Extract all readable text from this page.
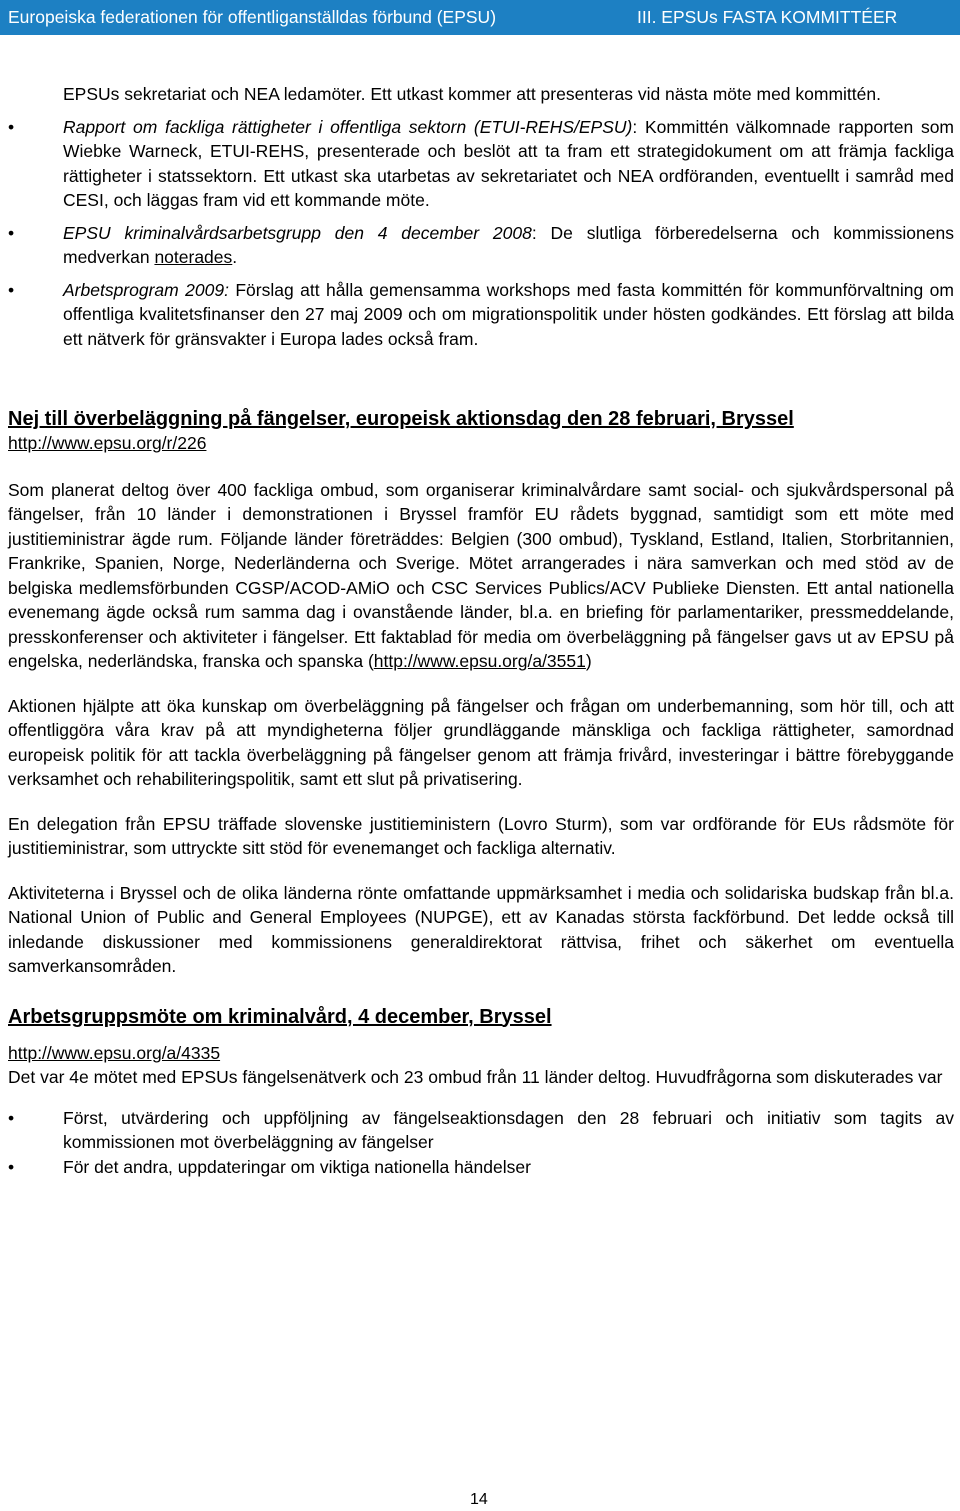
Europeiska federationen för offentliganställdas förbund (EPSU)	III. EPSUs FASTA KOMMITTÉER

EPSUs sekretariat och NEA ledamöter. Ett utkast kommer att presenteras vid nästa möte med kommittén.

•	Rapport om fackliga rättigheter i offentliga sektorn (ETUI-REHS/EPSU): Kommittén välkomnade rapporten som Wiebke Warneck, ETUI-REHS, presenterade och beslöt att ta fram ett strategidokument om att främja fackliga rättigheter i statssektorn. Ett utkast ska utarbetas av sekretariatet och NEA ordföranden, eventuellt i samråd med CESI, och läggas fram vid ett kommande möte.
•	EPSU kriminalvårdsarbetsgrupp den 4 december 2008: De slutliga förberedelserna och kommissionens medverkan noterades.
•	Arbetsprogram 2009: Förslag att hålla gemensamma workshops med fasta kommittén för kommunförvaltning om offentliga kvalitetsfinanser den 27 maj 2009 och om migrationspolitik under hösten godkändes. Ett förslag att bilda ett nätverk för gränsvakter i Europa lades också fram.
Nej till överbeläggning på fängelser, europeisk aktionsdag den 28 februari, Bryssel
http://www.epsu.org/r/226

Som planerat deltog över 400 fackliga ombud, som organiserar kriminalvårdare samt social- och sjukvårdspersonal på fängelser, från 10 länder i demonstrationen i Bryssel framför EU rådets byggnad, samtidigt som ett möte med justitieministrar ägde rum. Följande länder företräddes: Belgien (300 ombud), Tyskland, Estland, Italien, Storbritannien, Frankrike, Spanien, Norge, Nederländerna och Sverige. Mötet arrangerades i nära samverkan och med stöd av de belgiska medlemsförbunden CGSP/ACOD-AMiO och CSC Services Publics/ACV Publieke Diensten. Ett antal nationella evenemang ägde också rum samma dag i ovanstående länder, bl.a. en briefing för parlamentariker, pressmeddelande, presskonferenser och aktiviteter i fängelser. Ett faktablad för media om överbeläggning på fängelser gavs ut av EPSU på engelska, nederländska, franska och spanska (http://www.epsu.org/a/3551)

Aktionen hjälpte att öka kunskap om överbeläggning på fängelser och frågan om underbemanning, som hör till, och att offentliggöra våra krav på att myndigheterna följer grundläggande mänskliga och fackliga rättigheter, samordnad europeisk politik för att tackla överbeläggning på fängelser genom att främja frivård, investeringar i bättre förebyggande verksamhet och rehabiliteringspolitik, samt ett slut på privatisering.

En delegation från EPSU träffade slovenske justitieministern (Lovro Sturm), som var ordförande för EUs rådsmöte för justitieministrar, som uttryckte sitt stöd för evenemanget och fackliga alternativ.

Aktiviteterna i Bryssel och de olika länderna rönte omfattande uppmärksamhet i media och solidariska budskap från bl.a. National Union of Public and General Employees (NUPGE), ett av Kanadas största fackförbund. Det ledde också till inledande diskussioner med kommissionens generaldirektorat rättvisa, frihet och säkerhet om eventuella samverkansområden.

Arbetsgruppsmöte om kriminalvård, 4 december, Bryssel
http://www.epsu.org/a/4335

Det var 4e mötet med EPSUs fängelsenätverk och 23 ombud från 11 länder deltog. Huvudfrågorna som diskuterades var

•	Först, utvärdering och uppföljning av fängelseaktionsdagen den 28 februari och initiativ som tagits av kommissionen mot överbeläggning av fängelser
•	För det andra, uppdateringar om viktiga nationella händelser
14
